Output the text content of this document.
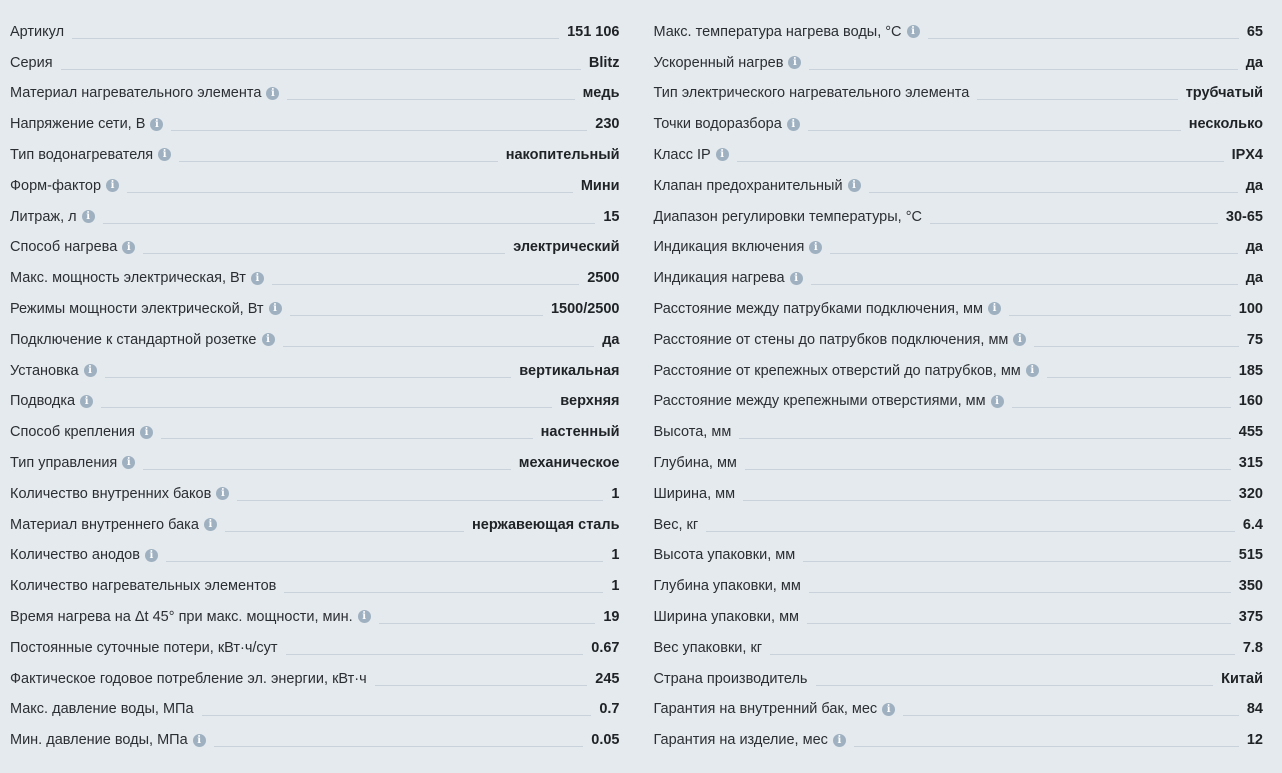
Артикул	151 106
Серия	Blitz
Материал нагревательного элемента i	медь
Напряжение сети, В i	230
Тип водонагревателя i	накопительный
Форм-фактор i	Мини
Литраж, л i	15
Способ нагрева i	электрический
Макс. мощность электрическая, Вт i	2500
Режимы мощности электрической, Вт i	1500/2500
Подключение к стандартной розетке i	да
Установка i	вертикальная
Подводка i	верхняя
Способ крепления i	настенный
Тип управления i	механическое
Количество внутренних баков i	1
Материал внутреннего бака i	нержавеющая сталь
Количество анодов i	1
Количество нагревательных элементов	1
Время нагрева на Δt 45° при макс. мощности, мин. i	19
Постоянные суточные потери, кВт·ч/сут	0.67
Фактическое годовое потребление эл. энергии, кВт·ч	245
Макс. давление воды, МПа	0.7
Мин. давление воды, МПа i	0.05
Макс. температура нагрева воды, °С i	65
Ускоренный нагрев i	да
Тип электрического нагревательного элемента	трубчатый
Точки водоразбора i	несколько
Класс IP i	IPX4
Клапан предохранительный i	да
Диапазон регулировки температуры, °С	30-65
Индикация включения i	да
Индикация нагрева i	да
Расстояние между патрубками подключения, мм i	100
Расстояние от стены до патрубков подключения, мм i	75
Расстояние от крепежных отверстий до патрубков, мм i	185
Расстояние между крепежными отверстиями, мм i	160
Высота, мм	455
Глубина, мм	315
Ширина, мм	320
Вес, кг	6.4
Высота упаковки, мм	515
Глубина упаковки, мм	350
Ширина упаковки, мм	375
Вес упаковки, кг	7.8
Страна производитель	Китай
Гарантия на внутренний бак, мес i	84
Гарантия на изделие, мес i	12
